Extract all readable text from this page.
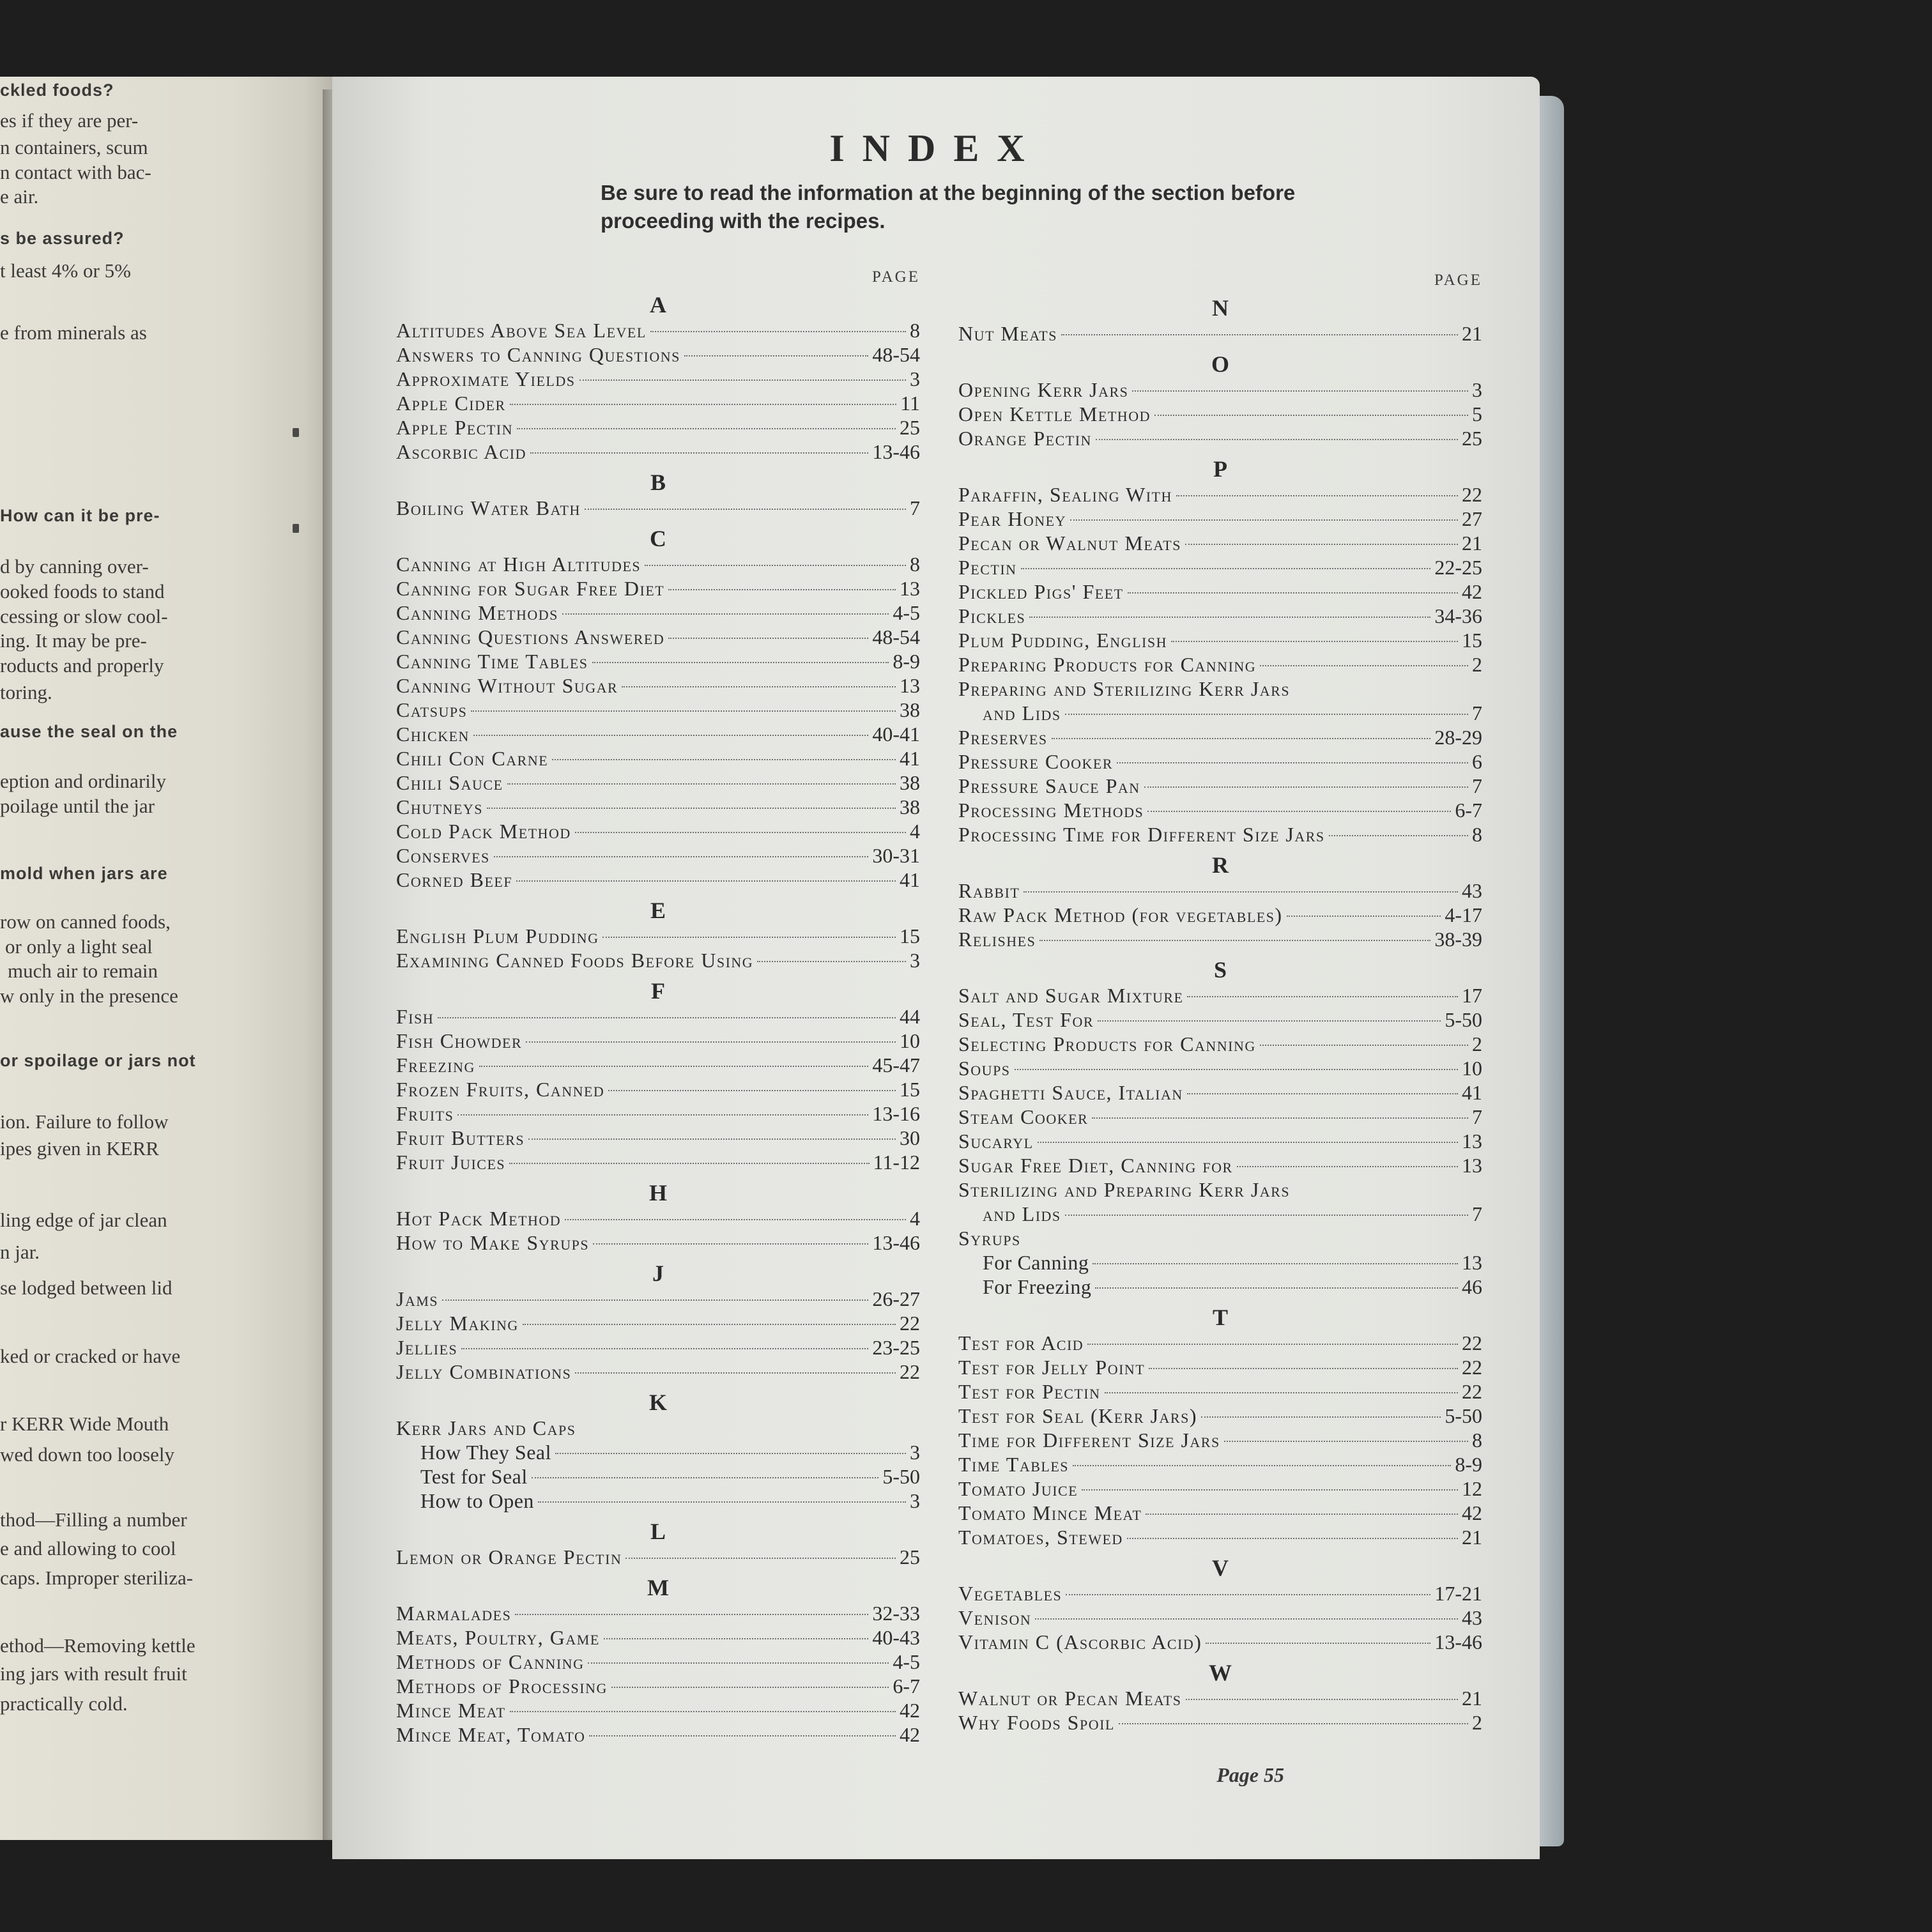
ckled foods?
es if they are per-
n containers, scum
n contact with bac-
e air.
s be assured?
t least 4% or 5%
e from minerals as
How can it be pre-
d by canning over-
ooked foods to stand
cessing or slow cool-
ing. It may be pre-
roducts and properly
toring.
ause the seal on the
eption and ordinarily
poilage until the jar
mold when jars are
row on canned foods,
or only a light seal
much air to remain
w only in the presence
or spoilage or jars not
ion. Failure to follow
ipes given in KERR
ling edge of jar clean
n jar.
se lodged between lid
ked or cracked or have
r KERR Wide Mouth
wed down too loosely
thod—Filling a number
e and allowing to cool
caps. Improper steriliza-
ethod—Removing kettle
ing jars with result fruit
practically cold.
INDEX
Be sure to read the information at the beginning of the section before proceeding with the recipes.
PAGE
A
Altitudes Above Sea Level	8
Answers to Canning Questions	48-54
Approximate Yields	3
Apple Cider	11
Apple Pectin	25
Ascorbic Acid	13-46
B
Boiling Water Bath	7
C
Canning at High Altitudes	8
Canning for Sugar Free Diet	13
Canning Methods	4-5
Canning Questions Answered	48-54
Canning Time Tables	8-9
Canning Without Sugar	13
Catsups	38
Chicken	40-41
Chili Con Carne	41
Chili Sauce	38
Chutneys	38
Cold Pack Method	4
Conserves	30-31
Corned Beef	41
E
English Plum Pudding	15
Examining Canned Foods Before Using	3
F
Fish	44
Fish Chowder	10
Freezing	45-47
Frozen Fruits, Canned	15
Fruits	13-16
Fruit Butters	30
Fruit Juices	11-12
H
Hot Pack Method	4
How to Make Syrups	13-46
J
Jams	26-27
Jelly Making	22
Jellies	23-25
Jelly Combinations	22
K
Kerr Jars and Caps
How They Seal	3
Test for Seal	5-50
How to Open	3
L
Lemon or Orange Pectin	25
M
Marmalades	32-33
Meats, Poultry, Game	40-43
Methods of Canning	4-5
Methods of Processing	6-7
Mince Meat	42
Mince Meat, Tomato	42
PAGE
N
Nut Meats	21
O
Opening Kerr Jars	3
Open Kettle Method	5
Orange Pectin	25
P
Paraffin, Sealing With	22
Pear Honey	27
Pecan or Walnut Meats	21
Pectin	22-25
Pickled Pigs' Feet	42
Pickles	34-36
Plum Pudding, English	15
Preparing Products for Canning	2
Preparing and Sterilizing Kerr Jars
and Lids	7
Preserves	28-29
Pressure Cooker	6
Pressure Sauce Pan	7
Processing Methods	6-7
Processing Time for Different Size Jars	8
R
Rabbit	43
Raw Pack Method (for vegetables)	4-17
Relishes	38-39
S
Salt and Sugar Mixture	17
Seal, Test For	5-50
Selecting Products for Canning	2
Soups	10
Spaghetti Sauce, Italian	41
Steam Cooker	7
Sucaryl	13
Sugar Free Diet, Canning for	13
Sterilizing and Preparing Kerr Jars
and Lids	7
Syrups
For Canning	13
For Freezing	46
T
Test for Acid	22
Test for Jelly Point	22
Test for Pectin	22
Test for Seal (Kerr Jars)	5-50
Time for Different Size Jars	8
Time Tables	8-9
Tomato Juice	12
Tomato Mince Meat	42
Tomatoes, Stewed	21
V
Vegetables	17-21
Venison	43
Vitamin C (Ascorbic Acid)	13-46
W
Walnut or Pecan Meats	21
Why Foods Spoil	2
Page 55
